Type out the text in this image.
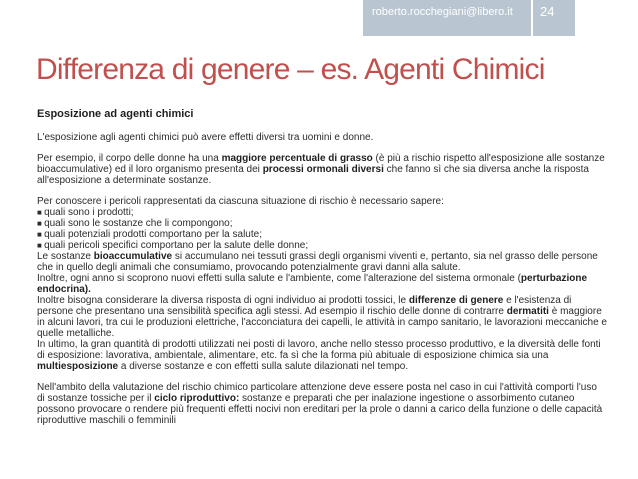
roberto.rocchegiani@libero.it 24
Differenza di genere – es. Agenti Chimici

Esposizione ad agenti chimici

L'esposizione agli agenti chimici può avere effetti diversi tra uomini e donne.

Per esempio, il corpo delle donne ha una maggiore percentuale di grasso (è più a rischio rispetto all'esposizione alle sostanze bioaccumulative) ed il loro organismo presenta dei processi ormonali diversi che fanno sì che sia diversa anche la risposta all'esposizione a determinate sostanze.

Per conoscere i pericoli rappresentati da ciascuna situazione di rischio è necessario sapere:

■ quali sono i prodotti;
■ quali sono le sostanze che li compongono;
■ quali potenziali prodotti comportano per la salute;
■ quali pericoli specifici comportano per la salute delle donne;

Le sostanze bioaccumulative si accumulano nei tessuti grassi degli organismi viventi e, pertanto, sia nel grasso delle persone che in quello degli animali che consumiamo, provocando potenzialmente gravi danni alla salute.

Inoltre, ogni anno si scoprono nuovi effetti sulla salute e l'ambiente, come l'alterazione del sistema ormonale (perturbazione endocrina).

Inoltre bisogna considerare la diversa risposta di ogni individuo ai prodotti tossici, le differenze di genere e l'esistenza di persone che presentano una sensibilità specifica agli stessi. Ad esempio il rischio delle donne di contrarre dermatiti è maggiore in alcuni lavori, tra cui le produzioni elettriche, l'acconciatura dei capelli, le attività in campo sanitario, le lavorazioni meccaniche e quelle metalliche.

In ultimo, la gran quantità di prodotti utilizzati nei posti di lavoro, anche nello stesso processo produttivo, e la diversità delle fonti di esposizione: lavorativa, ambientale, alimentare, etc. fa sì che la forma più abituale di esposizione chimica sia una multiesposizione a diverse sostanze e con effetti sulla salute dilazionati nel tempo.

Nell'ambito della valutazione del rischio chimico particolare attenzione deve essere posta nel caso in cui l'attività comporti l'uso di sostanze tossiche per il ciclo riproduttivo: sostanze e preparati che per inalazione ingestione o assorbimento cutaneo possono provocare o rendere più frequenti effetti nocivi non ereditari per la prole o danni a carico della funzione o delle capacità riproduttive maschili o femminili
